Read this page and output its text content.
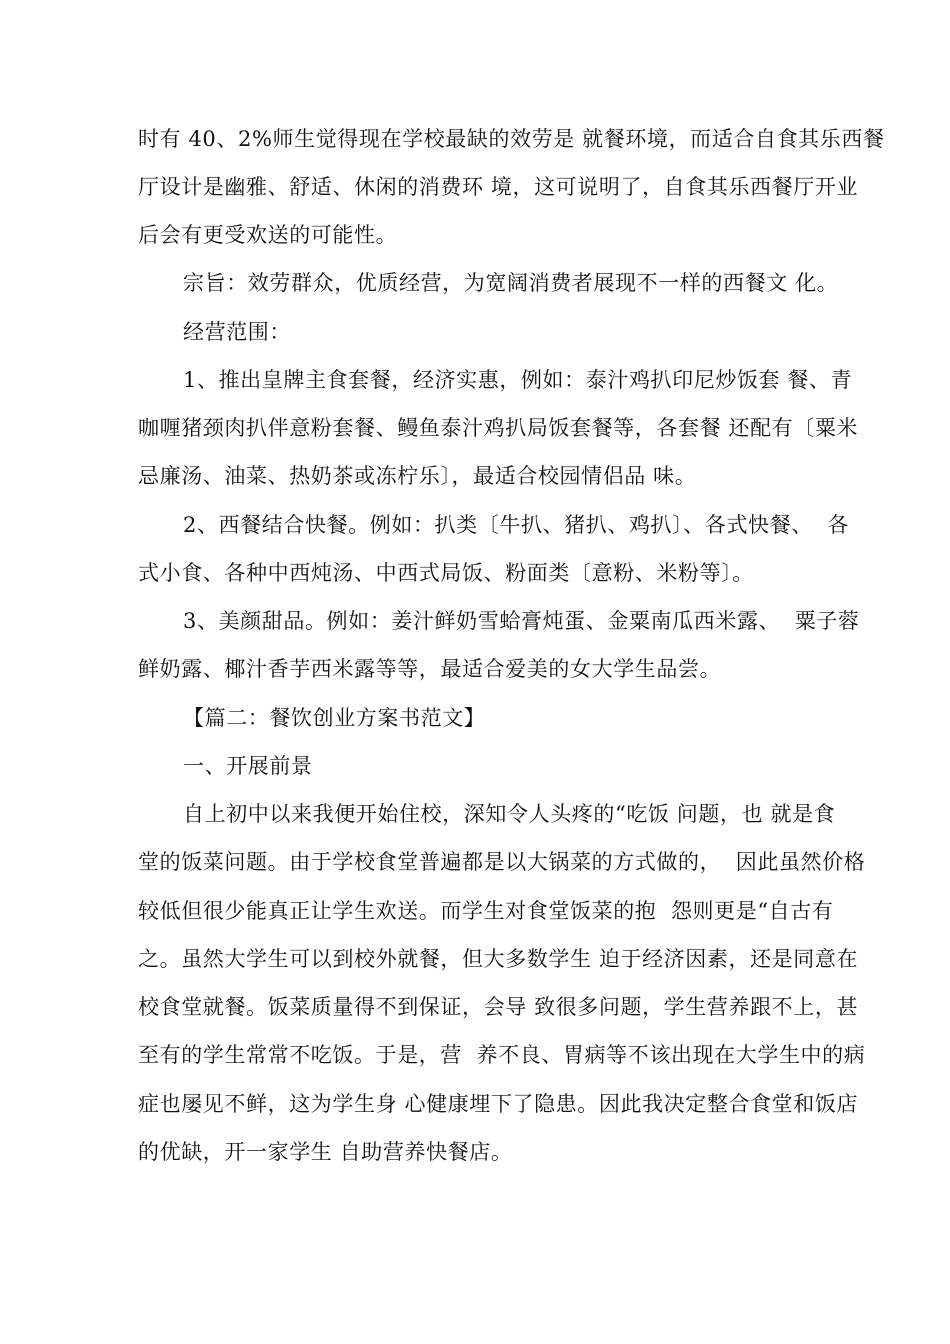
时有 40、2%师生觉得现在学校最缺的效劳是 就餐环境，而适合自食其乐西餐
厅设计是幽雅、舒适、休闲的消费环 境，这可说明了，自食其乐西餐厅开业
后会有更受欢送的可能性。
宗旨：效劳群众，优质经营，为宽阔消费者展现不一样的西餐文 化。
经营范围：
1、推出皇牌主食套餐，经济实惠，例如：泰汁鸡扒印尼炒饭套 餐、青
咖喱猪颈肉扒伴意粉套餐、鳗鱼泰汁鸡扒局饭套餐等，各套餐 还配有〔粟米
忌廉汤、油菜、热奶茶或冻柠乐〕，最适合校园情侣品 味。
2、西餐结合快餐。例如：扒类〔牛扒、猪扒、鸡扒〕、各式快餐、  各
式小食、各种中西炖汤、中西式局饭、粉面类〔意粉、米粉等〕。
3、美颜甜品。例如：姜汁鲜奶雪蛤膏炖蛋、金粟南瓜西米露、  粟子蓉
鲜奶露、椰汁香芋西米露等等，最适合爱美的女大学生品尝。
【篇二：餐饮创业方案书范文】
一、开展前景
自上初中以来我便开始住校，深知令人头疼的“吃饭 问题，也 就是食
堂的饭菜问题。由于学校食堂普遍都是以大锅菜的方式做的，  因此虽然价格
较低但很少能真正让学生欢送。而学生对食堂饭菜的抱  怨则更是“自古有
之。虽然大学生可以到校外就餐，但大多数学生 迫于经济因素，还是同意在
校食堂就餐。饭菜质量得不到保证，会导 致很多问题，学生营养跟不上，甚
至有的学生常常不吃饭。于是，营  养不良、胃病等不该出现在大学生中的病
症也屡见不鲜，这为学生身 心健康埋下了隐患。因此我决定整合食堂和饭店
的优缺，开一家学生 自助营养快餐店。
